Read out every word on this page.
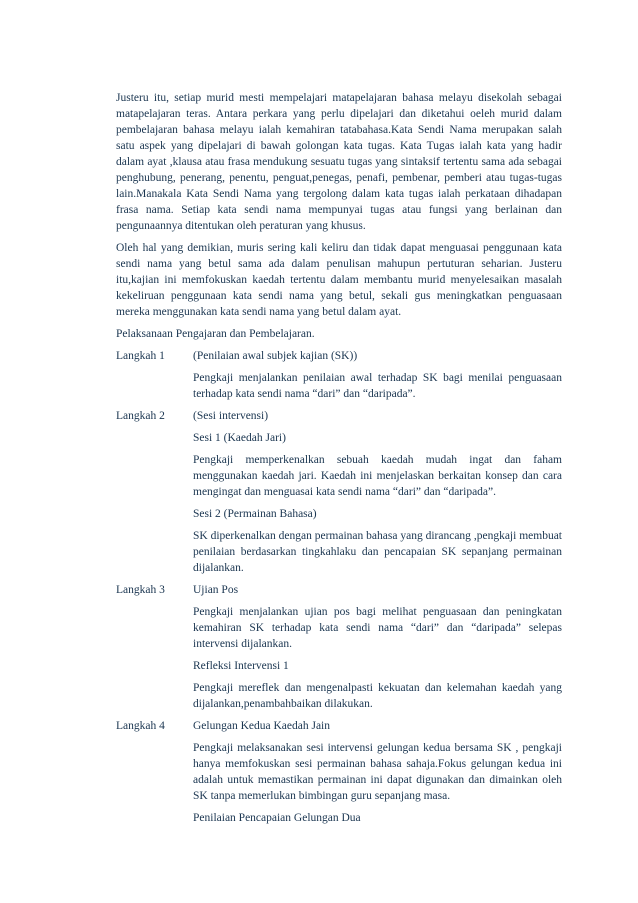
Justeru itu, setiap murid mesti mempelajari matapelajaran bahasa melayu disekolah sebagai matapelajaran teras. Antara perkara yang perlu dipelajari dan diketahui oeleh murid dalam pembelajaran bahasa melayu ialah kemahiran tatabahasa.Kata Sendi Nama merupakan salah satu aspek yang dipelajari di bawah golongan kata tugas. Kata Tugas ialah kata yang hadir dalam ayat ,klausa atau frasa mendukung sesuatu tugas yang sintaksif tertentu sama ada sebagai penghubung, penerang, penentu, penguat,penegas, penafi, pembenar, pemberi atau tugas-tugas lain.Manakala Kata Sendi Nama yang tergolong dalam kata tugas ialah perkataan dihadapan frasa nama. Setiap kata sendi nama mempunyai tugas atau fungsi yang berlainan dan pengunaannya ditentukan oleh peraturan yang khusus.

Oleh hal yang demikian, muris sering kali keliru dan tidak dapat menguasai penggunaan kata sendi nama yang betul sama ada dalam penulisan mahupun pertuturan seharian. Justeru itu,kajian ini memfokuskan kaedah tertentu dalam membantu murid menyelesaikan masalah kekeliruan penggunaan kata sendi nama yang betul, sekali gus meningkatkan penguasaan mereka menggunakan kata sendi nama yang betul dalam ayat.

Pelaksanaan Pengajaran dan Pembelajaran.

Langkah 1	(Penilaian awal subjek kajian (SK))

Pengkaji menjalankan penilaian awal terhadap SK bagi menilai penguasaan terhadap kata sendi nama “dari” dan “daripada”.

Langkah 2	(Sesi intervensi)

Sesi 1 (Kaedah Jari)

Pengkaji memperkenalkan sebuah kaedah mudah ingat dan faham menggunakan kaedah jari. Kaedah ini menjelaskan berkaitan konsep dan cara mengingat dan menguasai kata sendi nama “dari” dan “daripada”.

Sesi 2 (Permainan Bahasa)

SK diperkenalkan dengan permainan bahasa yang dirancang ,pengkaji membuat penilaian berdasarkan tingkahlaku dan pencapaian SK sepanjang permainan dijalankan.

Langkah 3	Ujian Pos

Pengkaji menjalankan ujian pos bagi melihat penguasaan dan peningkatan kemahiran SK terhadap kata sendi nama “dari” dan “daripada” selepas intervensi dijalankan.

Refleksi Intervensi 1

Pengkaji mereflek dan mengenalpasti kekuatan dan kelemahan kaedah yang dijalankan,penambahbaikan dilakukan.

Langkah 4	Gelungan Kedua Kaedah Jain

Pengkaji melaksanakan sesi intervensi gelungan kedua bersama SK , pengkaji hanya memfokuskan sesi permainan bahasa sahaja.Fokus gelungan kedua ini adalah untuk memastikan permainan ini dapat digunakan dan dimainkan oleh SK tanpa memerlukan bimbingan guru sepanjang masa.

Penilaian Pencapaian Gelungan Dua
